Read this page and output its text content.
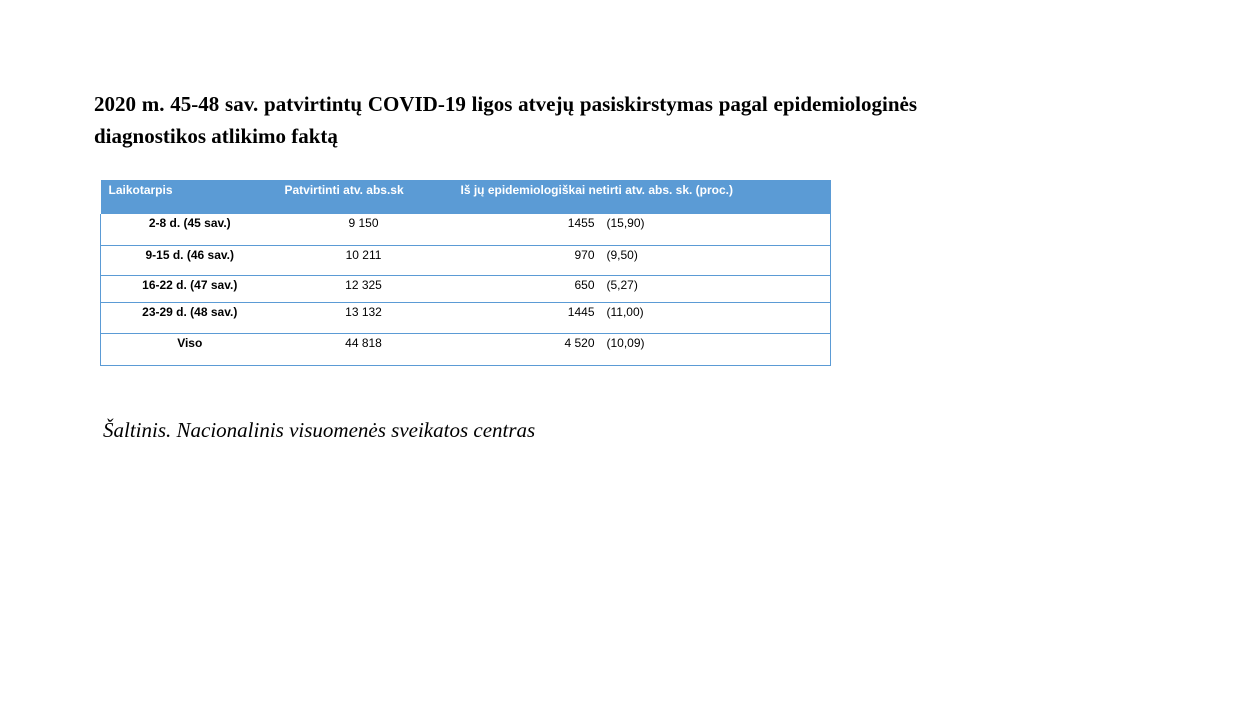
2020 m. 45-48 sav. patvirtintų COVID-19 ligos atvejų pasiskirstymas pagal epidemiologinės diagnostikos atlikimo faktą
Laikotarpis	Patvirtinti atv. abs.sk	Iš jų epidemiologiškai netirti atv. abs. sk. (proc.)
2-8 d. (45 sav.)	9 150	1455 (15,90)
9-15 d. (46 sav.)	10 211	970 (9,50)
16-22 d. (47 sav.)	12 325	650 (5,27)
23-29 d. (48 sav.)	13 132	1445 (11,00)
Viso	44 818	4 520 (10,09)

Šaltinis. Nacionalinis visuomenės sveikatos centras
